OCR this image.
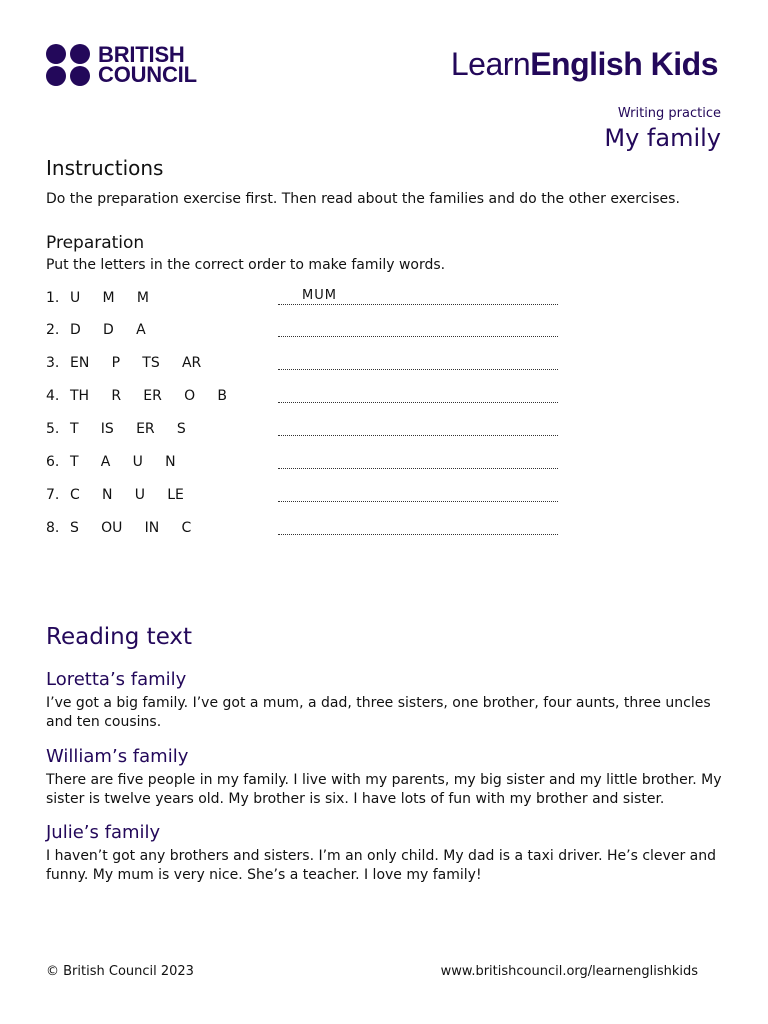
BRITISH
COUNCIL	LearnEnglish Kids
Writing practice
My family
Instructions
Do the preparation exercise first. Then read about the families and do the other exercises.
Preparation
Put the letters in the correct order to make family words.
1. U     M     M	MUM
2. D     D     A
3. EN     P     TS     AR
4. TH     R     ER     O     B
5. T     IS     ER     S
6. T     A     U     N
7. C     N     U     LE
8. S     OU     IN     C
Reading text
Loretta’s family
I’ve got a big family. I’ve got a mum, a dad, three sisters, one brother, four aunts, three uncles and ten cousins.
William’s family
There are five people in my family. I live with my parents, my big sister and my little brother. My sister is twelve years old. My brother is six. I have lots of fun with my brother and sister.
Julie’s family
I haven’t got any brothers and sisters. I’m an only child. My dad is a taxi driver. He’s clever and funny. My mum is very nice. She’s a teacher. I love my family!
© British Council 2023	www.britishcouncil.org/learnenglishkids
